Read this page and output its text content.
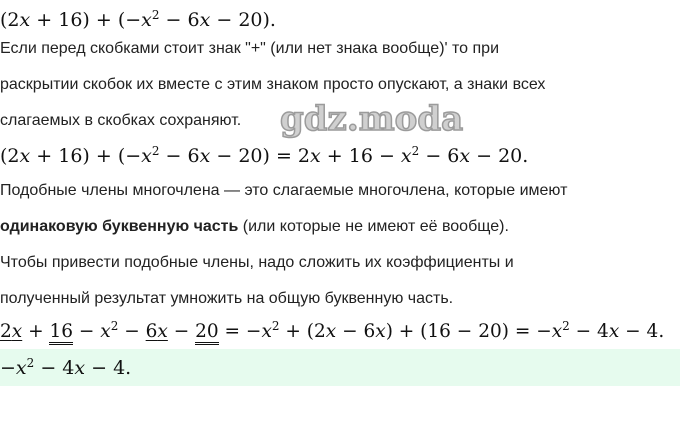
$(2x + 16) + (-x^2 - 6x - 20)$.
Если перед скобками стоит знак "+" (или нет знака вообще)' то при
раскрытии скобок их вместе с этим знаком просто опускают, а знаки всех
слагаемых в скобках сохраняют. gdz.moda
$(2x + 16) + (-x^2 - 6x - 20) = 2x + 16 - x^2 - 6x - 20$.
Подобные члены многочлена — это слагаемые многочлена, которые имеют
одинаковую буквенную часть (или которые не имеют её вообще).
Чтобы привести подобные члены, надо сложить их коэффициенты и
полученный результат умножить на общую буквенную часть.
$2x + 16 - x^2 - 6x - 20 = -x^2 + (2x - 6x) + (16 - 20) = -x^2 - 4x - 4$.
$-x^2 - 4x - 4$.
